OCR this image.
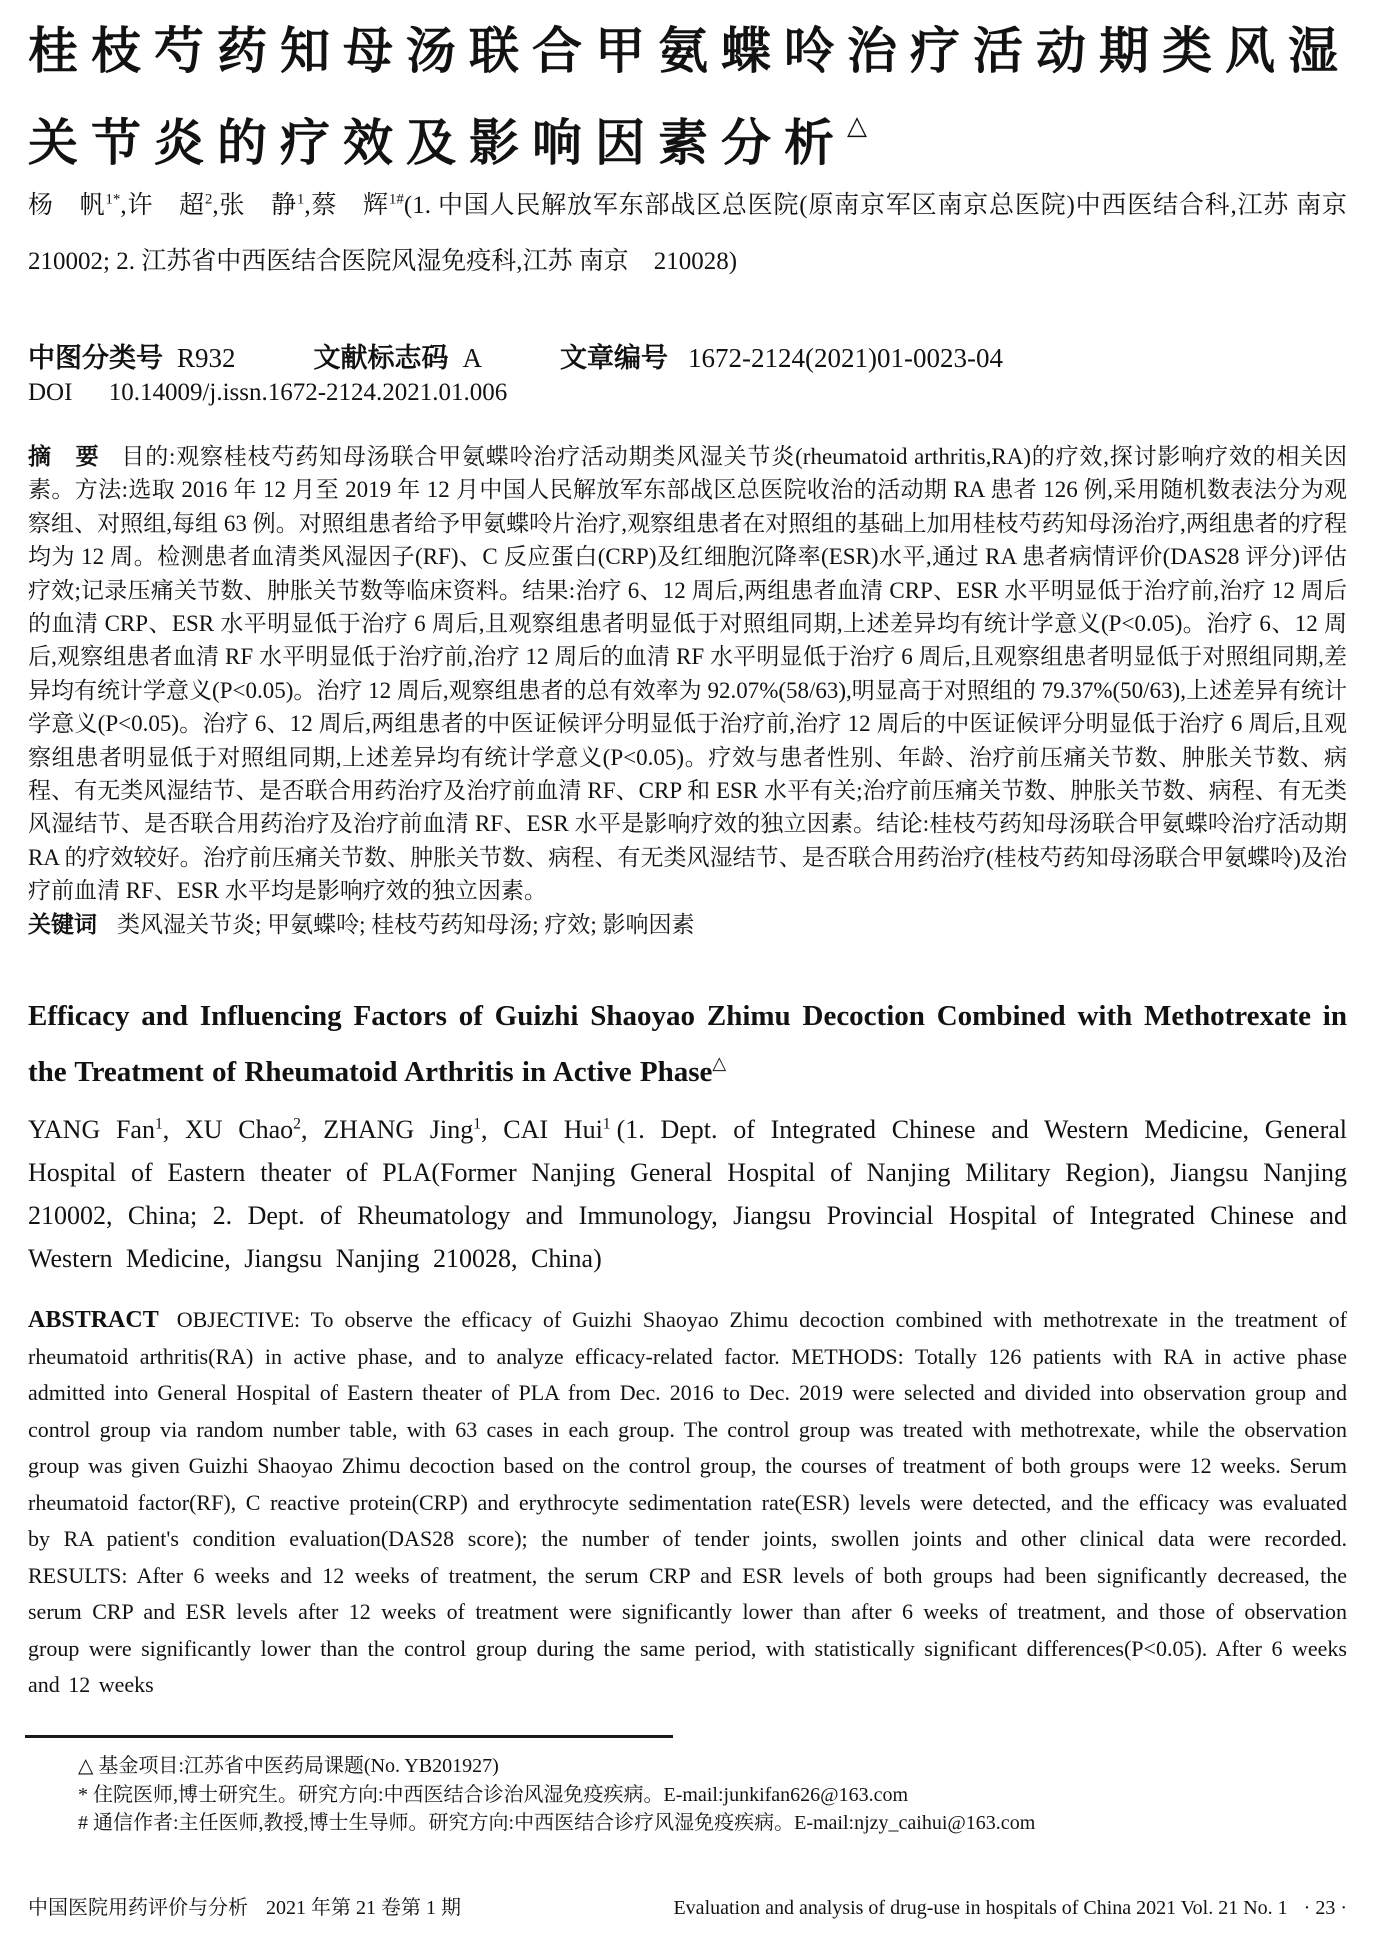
桂枝芍药知母汤联合甲氨蝶呤治疗活动期类风湿
关节炎的疗效及影响因素分析△

杨　帆$^{1*}$,许　超$^2$,张　静$^1$,蔡　辉$^{1\#}$(1. 中国人民解放军东部战区总医院(原南京军区南京总医院)中西医结合科,江苏 南京　210002; 2. 江苏省中西医结合医院风湿免疫科,江苏 南京　210028)

中图分类号 R932	文献标志码 A	文章编号 1672-2124(2021)01-0023-04
DOI 10.14009/j.issn.1672-2124.2021.01.006

摘　要 目的:观察桂枝芍药知母汤联合甲氨蝶呤治疗活动期类风湿关节炎(rheumatoid arthritis,RA)的疗效,探讨影响疗效的相关因素。方法:选取 2016 年 12 月至 2019 年 12 月中国人民解放军东部战区总医院收治的活动期 RA 患者 126 例,采用随机数表法分为观察组、对照组,每组 63 例。对照组患者给予甲氨蝶呤片治疗,观察组患者在对照组的基础上加用桂枝芍药知母汤治疗,两组患者的疗程均为 12 周。检测患者血清类风湿因子(RF)、C 反应蛋白(CRP)及红细胞沉降率(ESR)水平,通过 RA 患者病情评价(DAS28 评分)评估疗效;记录压痛关节数、肿胀关节数等临床资料。结果:治疗 6、12 周后,两组患者血清 CRP、ESR 水平明显低于治疗前,治疗 12 周后的血清 CRP、ESR 水平明显低于治疗 6 周后,且观察组患者明显低于对照组同期,上述差异均有统计学意义(P<0.05)。治疗 6、12 周后,观察组患者血清 RF 水平明显低于治疗前,治疗 12 周后的血清 RF 水平明显低于治疗 6 周后,且观察组患者明显低于对照组同期,差异均有统计学意义(P<0.05)。治疗 12 周后,观察组患者的总有效率为 92.07%(58/63),明显高于对照组的 79.37%(50/63),上述差异有统计学意义(P<0.05)。治疗 6、12 周后,两组患者的中医证候评分明显低于治疗前,治疗 12 周后的中医证候评分明显低于治疗 6 周后,且观察组患者明显低于对照组同期,上述差异均有统计学意义(P<0.05)。疗效与患者性别、年龄、治疗前压痛关节数、肿胀关节数、病程、有无类风湿结节、是否联合用药治疗及治疗前血清 RF、CRP 和 ESR 水平有关;治疗前压痛关节数、肿胀关节数、病程、有无类风湿结节、是否联合用药治疗及治疗前血清 RF、ESR 水平是影响疗效的独立因素。结论:桂枝芍药知母汤联合甲氨蝶呤治疗活动期 RA 的疗效较好。治疗前压痛关节数、肿胀关节数、病程、有无类风湿结节、是否联合用药治疗(桂枝芍药知母汤联合甲氨蝶呤)及治疗前血清 RF、ESR 水平均是影响疗效的独立因素。

关键词 类风湿关节炎; 甲氨蝶呤; 桂枝芍药知母汤; 疗效; 影响因素

Efficacy and Influencing Factors of Guizhi Shaoyao Zhimu Decoction Combined with Methotrexate in the Treatment of Rheumatoid Arthritis in Active Phase△

YANG Fan$^1$, XU Chao$^2$, ZHANG Jing$^1$, CAI Hui$^1$ (1. Dept. of Integrated Chinese and Western Medicine, General Hospital of Eastern theater of PLA(Former Nanjing General Hospital of Nanjing Military Region), Jiangsu Nanjing 210002, China; 2. Dept. of Rheumatology and Immunology, Jiangsu Provincial Hospital of Integrated Chinese and Western Medicine, Jiangsu Nanjing 210028, China)

ABSTRACT OBJECTIVE: To observe the efficacy of Guizhi Shaoyao Zhimu decoction combined with methotrexate in the treatment of rheumatoid arthritis(RA) in active phase, and to analyze efficacy-related factor. METHODS: Totally 126 patients with RA in active phase admitted into General Hospital of Eastern theater of PLA from Dec. 2016 to Dec. 2019 were selected and divided into observation group and control group via random number table, with 63 cases in each group. The control group was treated with methotrexate, while the observation group was given Guizhi Shaoyao Zhimu decoction based on the control group, the courses of treatment of both groups were 12 weeks. Serum rheumatoid factor(RF), C reactive protein(CRP) and erythrocyte sedimentation rate(ESR) levels were detected, and the efficacy was evaluated by RA patient's condition evaluation(DAS28 score); the number of tender joints, swollen joints and other clinical data were recorded. RESULTS: After 6 weeks and 12 weeks of treatment, the serum CRP and ESR levels of both groups had been significantly decreased, the serum CRP and ESR levels after 12 weeks of treatment were significantly lower than after 6 weeks of treatment, and those of observation group were significantly lower than the control group during the same period, with statistically significant differences(P<0.05). After 6 weeks and 12 weeks

△ 基金项目:江苏省中医药局课题(No. YB201927)

* 住院医师,博士研究生。研究方向:中西医结合诊治风湿免疫疾病。E-mail:junkifan626@163.com

# 通信作者:主任医师,教授,博士生导师。研究方向:中西医结合诊疗风湿免疫疾病。E-mail:njzy_caihui@163.com

中国医院用药评价与分析 2021 年第 21 卷第 1 期	Evaluation and analysis of drug-use in hospitals of China 2021 Vol. 21 No. 1 · 23 ·
